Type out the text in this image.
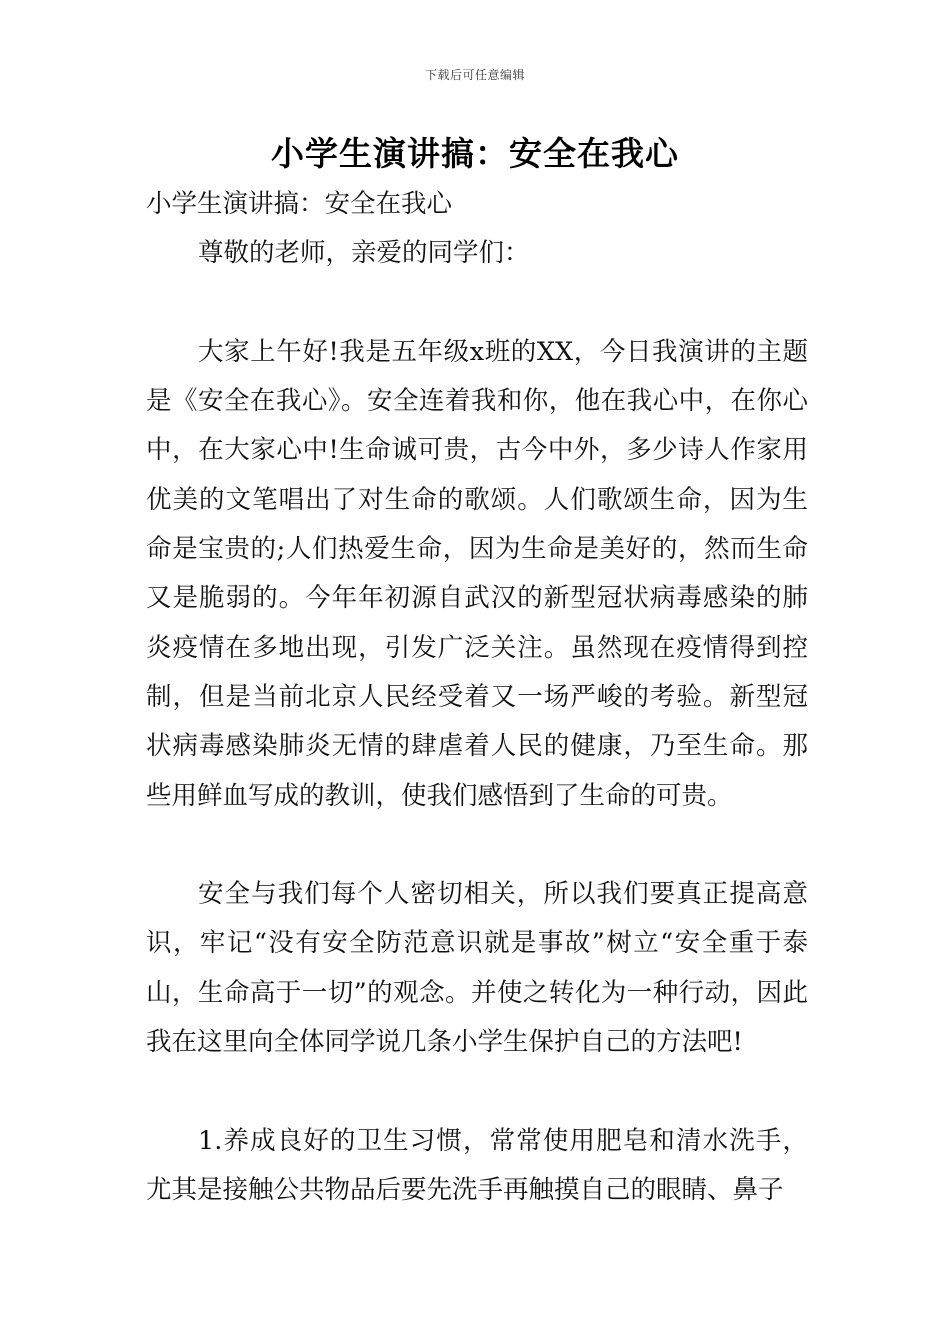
下载后可任意编辑
小学生演讲搞：安全在我心

小学生演讲搞：安全在我心

尊敬的老师，亲爱的同学们：

大家上午好!我是五年级x班的XX，今日我演讲的主题是《安全在我心》。安全连着我和你，他在我心中，在你心中，在大家心中!生命诚可贵，古今中外，多少诗人作家用优美的文笔唱出了对生命的歌颂。人们歌颂生命，因为生命是宝贵的;人们热爱生命，因为生命是美好的，然而生命又是脆弱的。今年年初源自武汉的新型冠状病毒感染的肺炎疫情在多地出现，引发广泛关注。虽然现在疫情得到控制，但是当前北京人民经受着又一场严峻的考验。新型冠状病毒感染肺炎无情的肆虐着人民的健康，乃至生命。那些用鲜血写成的教训，使我们感悟到了生命的可贵。

安全与我们每个人密切相关，所以我们要真正提高意识，牢记“没有安全防范意识就是事故”树立“安全重于泰山，生命高于一切”的观念。并使之转化为一种行动，因此我在这里向全体同学说几条小学生保护自己的方法吧!

1.养成良好的卫生习惯，常常使用肥皂和清水洗手，尤其是接触公共物品后要先洗手再触摸自己的眼睛、鼻子
